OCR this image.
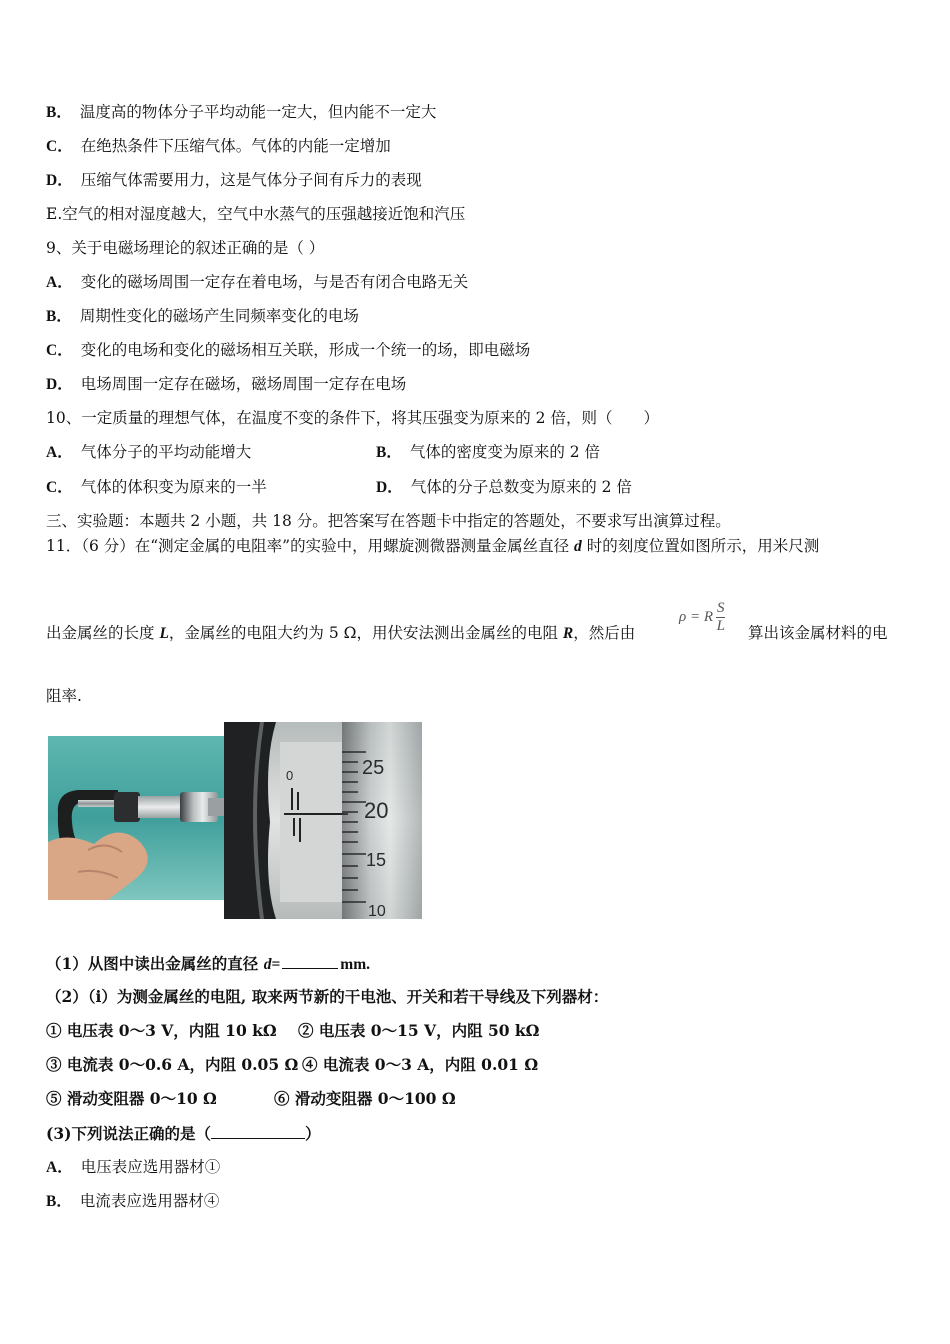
B． 温度高的物体分子平均动能一定大，但内能不一定大
C． 在绝热条件下压缩气体。气体的内能一定增加
D． 压缩气体需要用力，这是气体分子间有斥力的表现
E.空气的相对湿度越大，空气中水蒸气的压强越接近饱和汽压
9、关于电磁场理论的叙述正确的是（ ）
A． 变化的磁场周围一定存在着电场，与是否有闭合电路无关
B． 周期性变化的磁场产生同频率变化的电场
C． 变化的电场和变化的磁场相互关联，形成一个统一的场，即电磁场
D． 电场周围一定存在磁场，磁场周围一定存在电场
10、一定质量的理想气体，在温度不变的条件下，将其压强变为原来的 2 倍，则（　　）
A． 气体分子的平均动能增大	B． 气体的密度变为原来的 2 倍
C． 气体的体积变为原来的一半	D． 气体的分子总数变为原来的 2 倍
三、实验题：本题共 2 小题，共 18 分。把答案写在答题卡中指定的答题处，不要求写出演算过程。
11．（6 分）在“测定金属的电阻率”的实验中，用螺旋测微器测量金属丝直径 d 时的刻度位置如图所示，用米尺测
出金属丝的长度 L，金属丝的电阻大约为 5 Ω，用伏安法测出金属丝的电阻 R，然后由
ρ = R $\frac{S}{L}$ 算出该金属材料的电
阻率.
0	25
20
15
10
（1）从图中读出金属丝的直径 d=	mm.
（2）（i）为测金属丝的电阻, 取来两节新的干电池、开关和若干导线及下列器材：
① 电压表 0～3 V，内阻 10 kΩ ② 电压表 0～15 V，内阻 50 kΩ
③ 电流表 0～0.6 A，内阻 0.05 Ω ④ 电流表 0～3 A，内阻 0.01 Ω
⑤ 滑动变阻器 0～10 Ω	⑥ 滑动变阻器 0～100 Ω
(3)下列说法正确的是（	）
A． 电压表应选用器材①
B． 电流表应选用器材④
